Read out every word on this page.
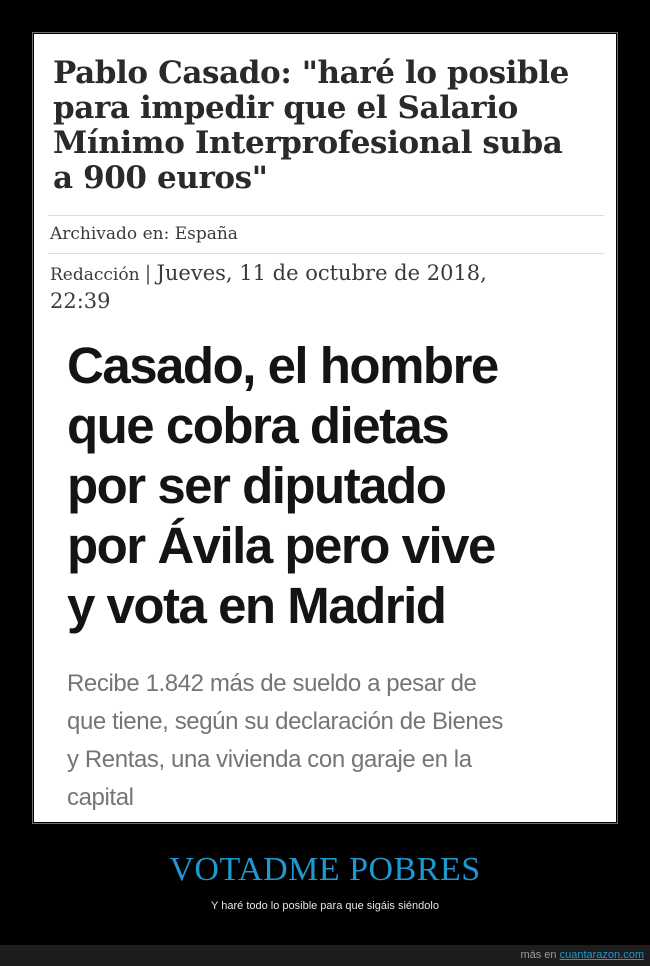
Pablo Casado: "haré lo posible
para impedir que el Salario
Mínimo Interprofesional suba
a 900 euros"
Archivado en: España
Redacción | Jueves, 11 de octubre de 2018,
22:39
Casado, el hombre
que cobra dietas
por ser diputado
por Ávila pero vive
y vota en Madrid
Recibe 1.842 más de sueldo a pesar de
que tiene, según su declaración de Bienes
y Rentas, una vivienda con garaje en la
capital
VOTADME POBRES
Y haré todo lo posible para que sigáis siéndolo
más en cuantarazon.com
